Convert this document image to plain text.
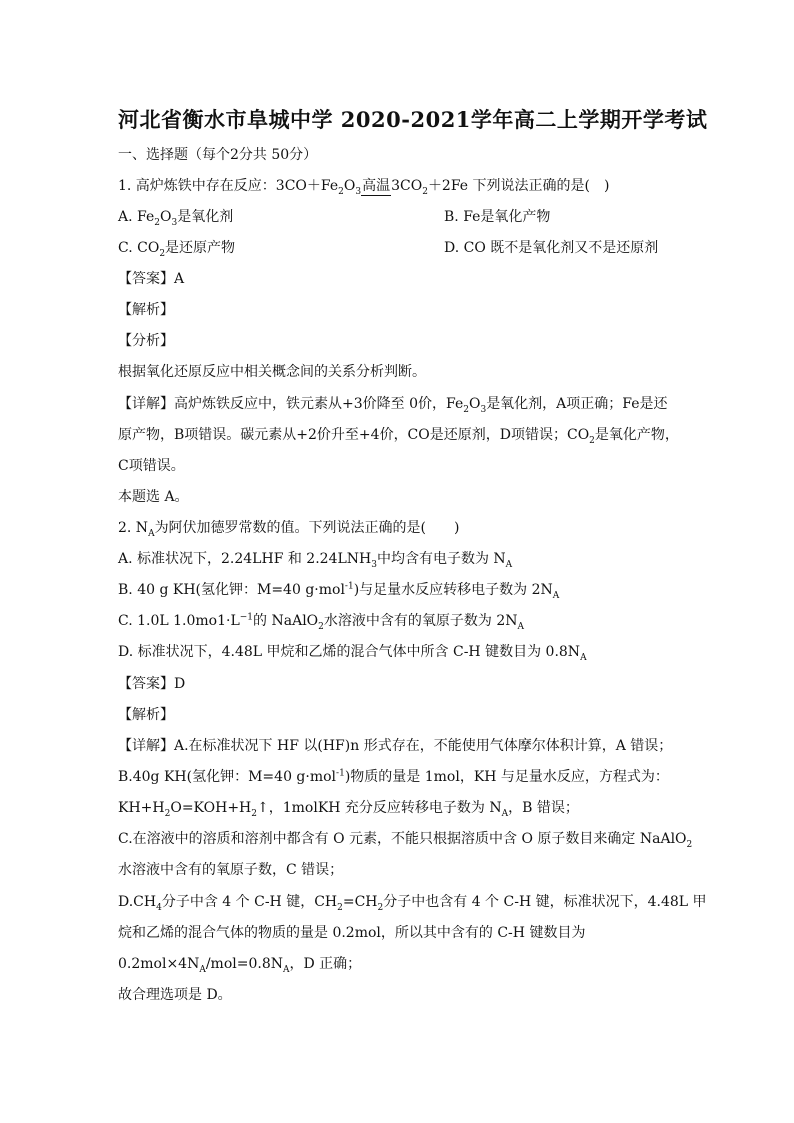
河北省衡水市阜城中学 2020-2021学年高二上学期开学考试
一、选择题（每个2分共 50分）
1. 高炉炼铁中存在反应：$3CO+Fe_2O_3$高温$3CO_2+2Fe$ 下列说法正确的是(　)
A. $Fe_2O_3$是氧化剂	B. Fe是氧化产物
C. $CO_2$是还原产物	D. CO 既不是氧化剂又不是还原剂
【答案】A
【解析】
【分析】
根据氧化还原反应中相关概念间的关系分析判断。
【详解】高炉炼铁反应中，铁元素从+3价降至 0价，$Fe_2O_3$是氧化剂，A项正确；Fe是还
原产物，B项错误。碳元素从+2价升至+4价，CO是还原剂，D项错误；$CO_2$是氧化产物，
C项错误。
本题选 A。
2. $N_A$为阿伏加德罗常数的值。下列说法正确的是(　　)
A. 标准状况下，2.24LHF 和 $2.24LNH_3$中均含有电子数为 $N_A$
B. 40 g KH(氢化钾：M=40 g·mol$^{-1}$)与足量水反应转移电子数为 $2N_A$
C. 1.0L $1.0mo1\cdot L^{-1}$的 NaAlO$_2$水溶液中含有的氧原子数为 $2N_A$
D. 标准状况下，4.48L 甲烷和乙烯的混合气体中所含 C-H 键数目为 $0.8N_A$
【答案】D
【解析】
【详解】A.在标准状况下 HF 以(HF)n 形式存在，不能使用气体摩尔体积计算，A 错误；
B.40g KH(氢化钾：M=40 g·mol$^{-1}$)物质的量是 1mol，KH 与足量水反应，方程式为：
$KH+H_2O=KOH+H_2↑$，1molKH 充分反应转移电子数为 $N_A$，B 错误；
C.在溶液中的溶质和溶剂中都含有 O 元素，不能只根据溶质中含 O 原子数目来确定 NaAlO$_2$
水溶液中含有的氧原子数，C 错误；
$D.CH_4$分子中含 4 个 C-H 键，$CH_2=CH_2$分子中也含有 4 个 C-H 键，标准状况下，4.48L 甲
烷和乙烯的混合气体的物质的量是 0.2mol，所以其中含有的 C-H 键数目为
$0.2mol\times 4N_A/mol=0.8N_A$，D 正确；
故合理选项是 D。
